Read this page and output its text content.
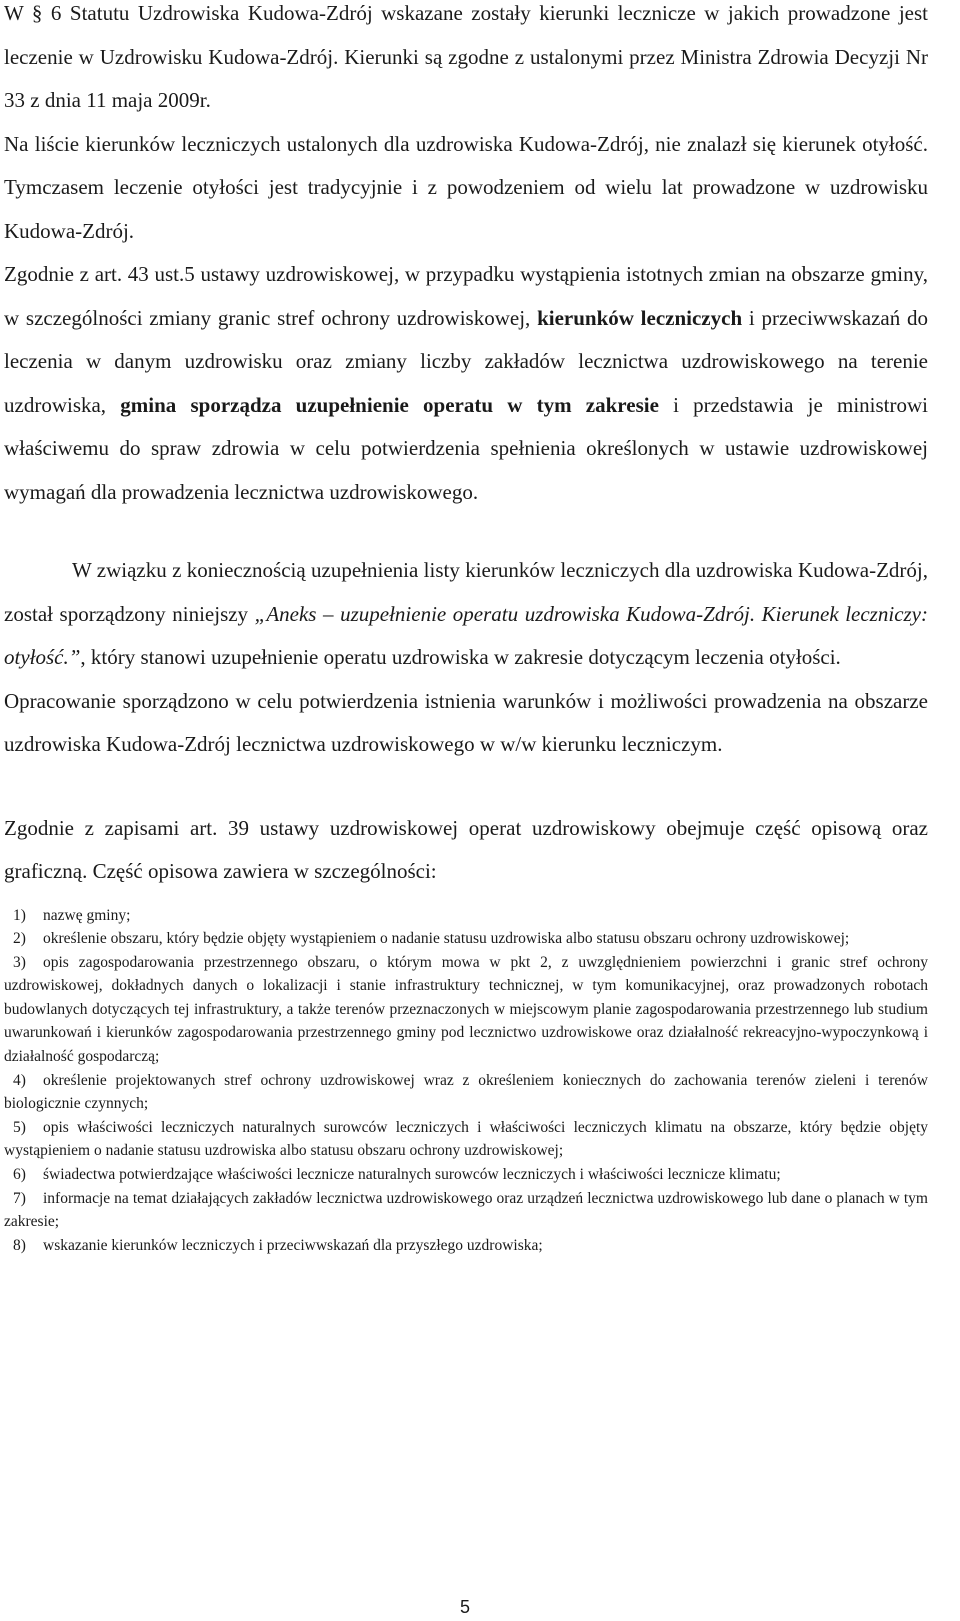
W § 6 Statutu Uzdrowiska Kudowa-Zdrój wskazane zostały kierunki lecznicze w jakich prowadzone jest leczenie w Uzdrowisku Kudowa-Zdrój. Kierunki są zgodne z ustalonymi przez Ministra Zdrowia Decyzji Nr 33 z dnia 11 maja 2009r.

Na liście kierunków leczniczych ustalonych dla uzdrowiska Kudowa-Zdrój, nie znalazł się kierunek otyłość. Tymczasem leczenie otyłości jest tradycyjnie i z powodzeniem od wielu lat prowadzone w uzdrowisku Kudowa-Zdrój.

Zgodnie z art. 43 ust.5 ustawy uzdrowiskowej, w przypadku wystąpienia istotnych zmian na obszarze gminy, w szczególności zmiany granic stref ochrony uzdrowiskowej, kierunków leczniczych i przeciwwskazań do leczenia w danym uzdrowisku oraz zmiany liczby zakładów lecznictwa uzdrowiskowego na terenie uzdrowiska, gmina sporządza uzupełnienie operatu w tym zakresie i przedstawia je ministrowi właściwemu do spraw zdrowia w celu potwierdzenia spełnienia określonych w ustawie uzdrowiskowej wymagań dla prowadzenia lecznictwa uzdrowiskowego.

W związku z koniecznością uzupełnienia listy kierunków leczniczych dla uzdrowiska Kudowa-Zdrój, został sporządzony niniejszy „Aneks – uzupełnienie operatu uzdrowiska Kudowa-Zdrój. Kierunek leczniczy: otyłość.”, który stanowi uzupełnienie operatu uzdrowiska w zakresie dotyczącym leczenia otyłości.

Opracowanie sporządzono w celu potwierdzenia istnienia warunków i możliwości prowadzenia na obszarze uzdrowiska Kudowa-Zdrój lecznictwa uzdrowiskowego w w/w kierunku leczniczym.

Zgodnie z zapisami art. 39 ustawy uzdrowiskowej operat uzdrowiskowy obejmuje część opisową oraz graficzną. Część opisowa zawiera w szczególności:

1) nazwę gminy;
2) określenie obszaru, który będzie objęty wystąpieniem o nadanie statusu uzdrowiska albo statusu obszaru ochrony uzdrowiskowej;
3) opis zagospodarowania przestrzennego obszaru, o którym mowa w pkt 2, z uwzględnieniem powierzchni i granic stref ochrony uzdrowiskowej, dokładnych danych o lokalizacji i stanie infrastruktury technicznej, w tym komunikacyjnej, oraz prowadzonych robotach budowlanych dotyczących tej infrastruktury, a także terenów przeznaczonych w miejscowym planie zagospodarowania przestrzennego lub studium uwarunkowań i kierunków zagospodarowania przestrzennego gminy pod lecznictwo uzdrowiskowe oraz działalność rekreacyjno-wypoczynkową i działalność gospodarczą;
4) określenie projektowanych stref ochrony uzdrowiskowej wraz z określeniem koniecznych do zachowania terenów zieleni i terenów biologicznie czynnych;
5) opis właściwości leczniczych naturalnych surowców leczniczych i właściwości leczniczych klimatu na obszarze, który będzie objęty wystąpieniem o nadanie statusu uzdrowiska albo statusu obszaru ochrony uzdrowiskowej;
6) świadectwa potwierdzające właściwości lecznicze naturalnych surowców leczniczych i właściwości lecznicze klimatu;
7) informacje na temat działających zakładów lecznictwa uzdrowiskowego oraz urządzeń lecznictwa uzdrowiskowego lub dane o planach w tym zakresie;
8) wskazanie kierunków leczniczych i przeciwwskazań dla przyszłego uzdrowiska;
5
